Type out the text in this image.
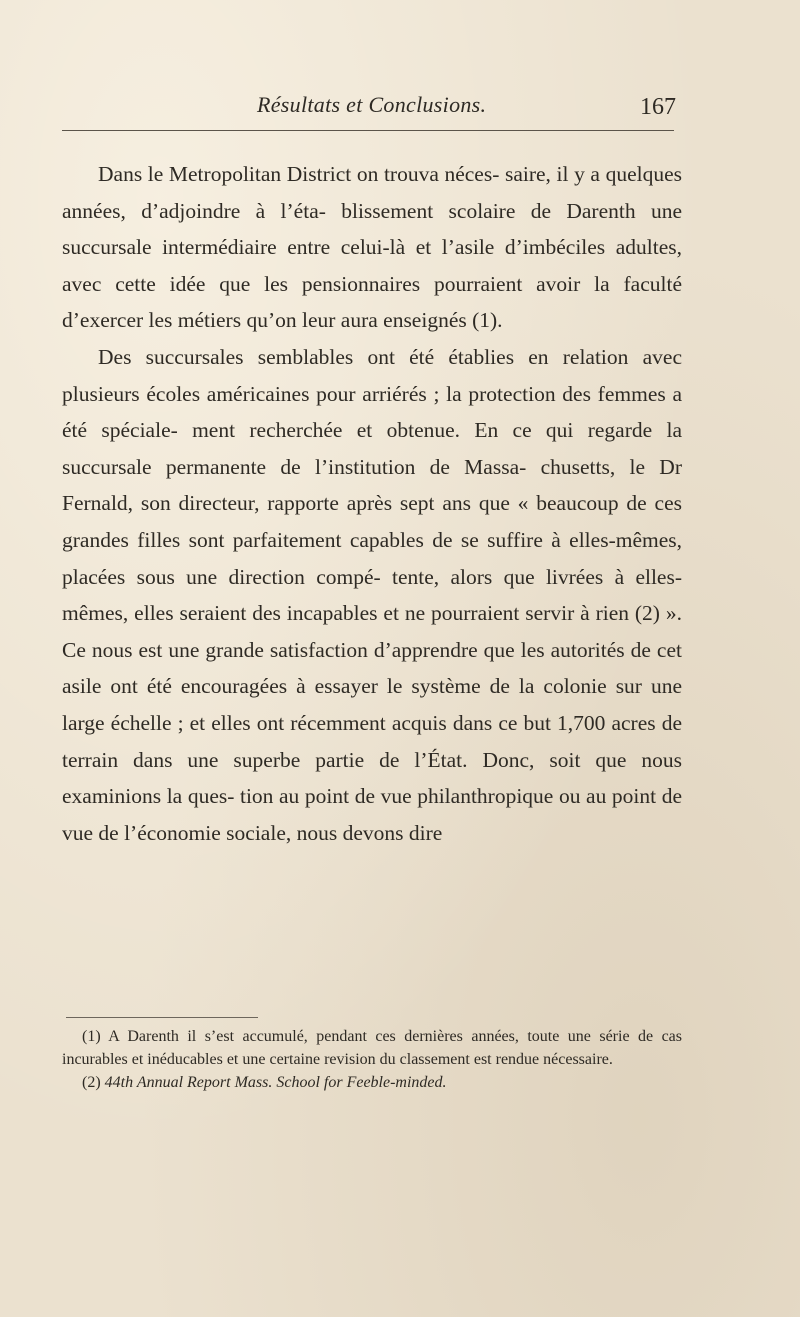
Résultats et Conclusions.	167

Dans le Metropolitan District on trouva néces- saire, il y a quelques années, d’adjoindre à l’éta- blissement scolaire de Darenth une succursale intermédiaire entre celui-là et l’asile d’imbéciles adultes, avec cette idée que les pensionnaires pourraient avoir la faculté d’exercer les métiers qu’on leur aura enseignés (1).

Des succursales semblables ont été établies en relation avec plusieurs écoles américaines pour arriérés ; la protection des femmes a été spéciale- ment recherchée et obtenue. En ce qui regarde la succursale permanente de l’institution de Massa- chusetts, le Dr Fernald, son directeur, rapporte après sept ans que « beaucoup de ces grandes filles sont parfaitement capables de se suffire à elles-mêmes, placées sous une direction compé- tente, alors que livrées à elles-mêmes, elles seraient des incapables et ne pourraient servir à rien (2) ». Ce nous est une grande satisfaction d’apprendre que les autorités de cet asile ont été encouragées à essayer le système de la colonie sur une large échelle ; et elles ont récemment acquis dans ce but 1,700 acres de terrain dans une superbe partie de l’État. Donc, soit que nous examinions la ques- tion au point de vue philanthropique ou au point de vue de l’économie sociale, nous devons dire

(1) A Darenth il s’est accumulé, pendant ces dernières années, toute une série de cas incurables et inéducables et une certaine revision du classement est rendue nécessaire.

(2) 44th Annual Report Mass. School for Feeble-minded.
